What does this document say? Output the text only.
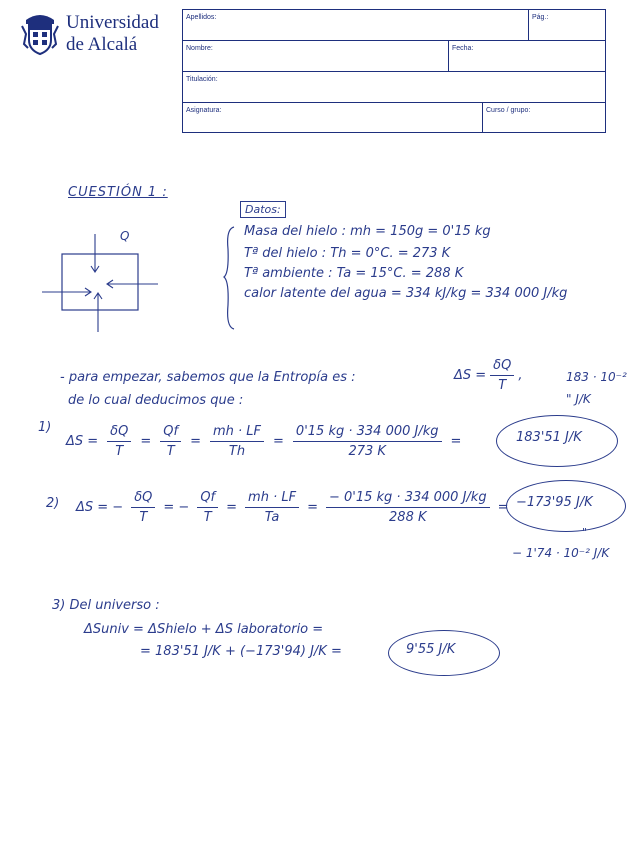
Universidad
de Alcalá
Apellidos:	Pág.:
Nombre:	Fecha:
Titulación:
Asignatura:	Curso / grupo:
CUESTIÓN 1 :
Q
Datos:
Masa del hielo : mh = 150g = 0'15 kg
Tª del hielo : Th = 0°C. = 273 K
Tª ambiente : Ta = 15°C. = 288 K
calor latente del agua = 334 kJ/kg = 334 000 J/kg
- para empezar, sabemos que la Entropía es :	$\Delta S = \frac{\delta Q}{T}$ ,
de lo cual deducimos que :
183 · 10⁻²
" J/K
1)
$\Delta S = \frac{\delta Q}{T} = \frac{Qf}{T} = \frac{mh \cdot LF}{Th} = \frac{0'15 kg \cdot 334 000 J/kg}{273 K}$ =	183'51 J/K
2) ΔS = − $\frac{\delta Q}{T}$ = − $\frac{Qf}{T} = \frac{mh \cdot LF}{Ta} = \frac{- 0'15 kg \cdot 334 000 J/kg}{288 K} = -173'95$ J/K
"
− 1'74 · 10⁻² J/K
3) Del universo :
ΔSuniv = ΔShielo + ΔS laboratorio =
= 183'51 J/K + (−173'94) J/K =	9'55 J/K
